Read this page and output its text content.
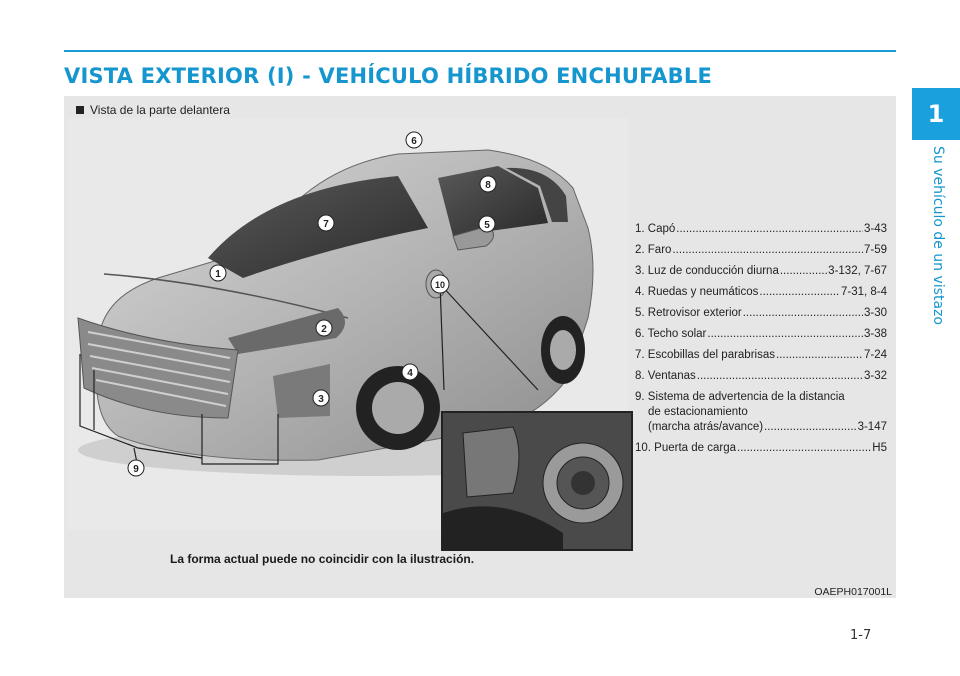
VISTA EXTERIOR (I) - VEHÍCULO HÍBRIDO ENCHUFABLE
1
Su vehículo de un vistazo
Vista de la parte delantera
1
2
3
4
5
6
7
8
9
10
1. Capó .....	3-43
2. Faro .....	7-59
3. Luz de conducción diurna .....	3-132, 7-67
4. Ruedas y neumáticos .....	7-31, 8-4
5. Retrovisor exterior .....	3-30
6. Techo solar .....	3-38
7. Escobillas del parabrisas .....	7-24
8. Ventanas .....	3-32
9. Sistema de advertencia de la distancia
de estacionamiento
(marcha atrás/avance) .....	3-147
10. Puerta de carga .....	H5
La forma actual puede no coincidir con la ilustración.
OAEPH017001L
1-7
